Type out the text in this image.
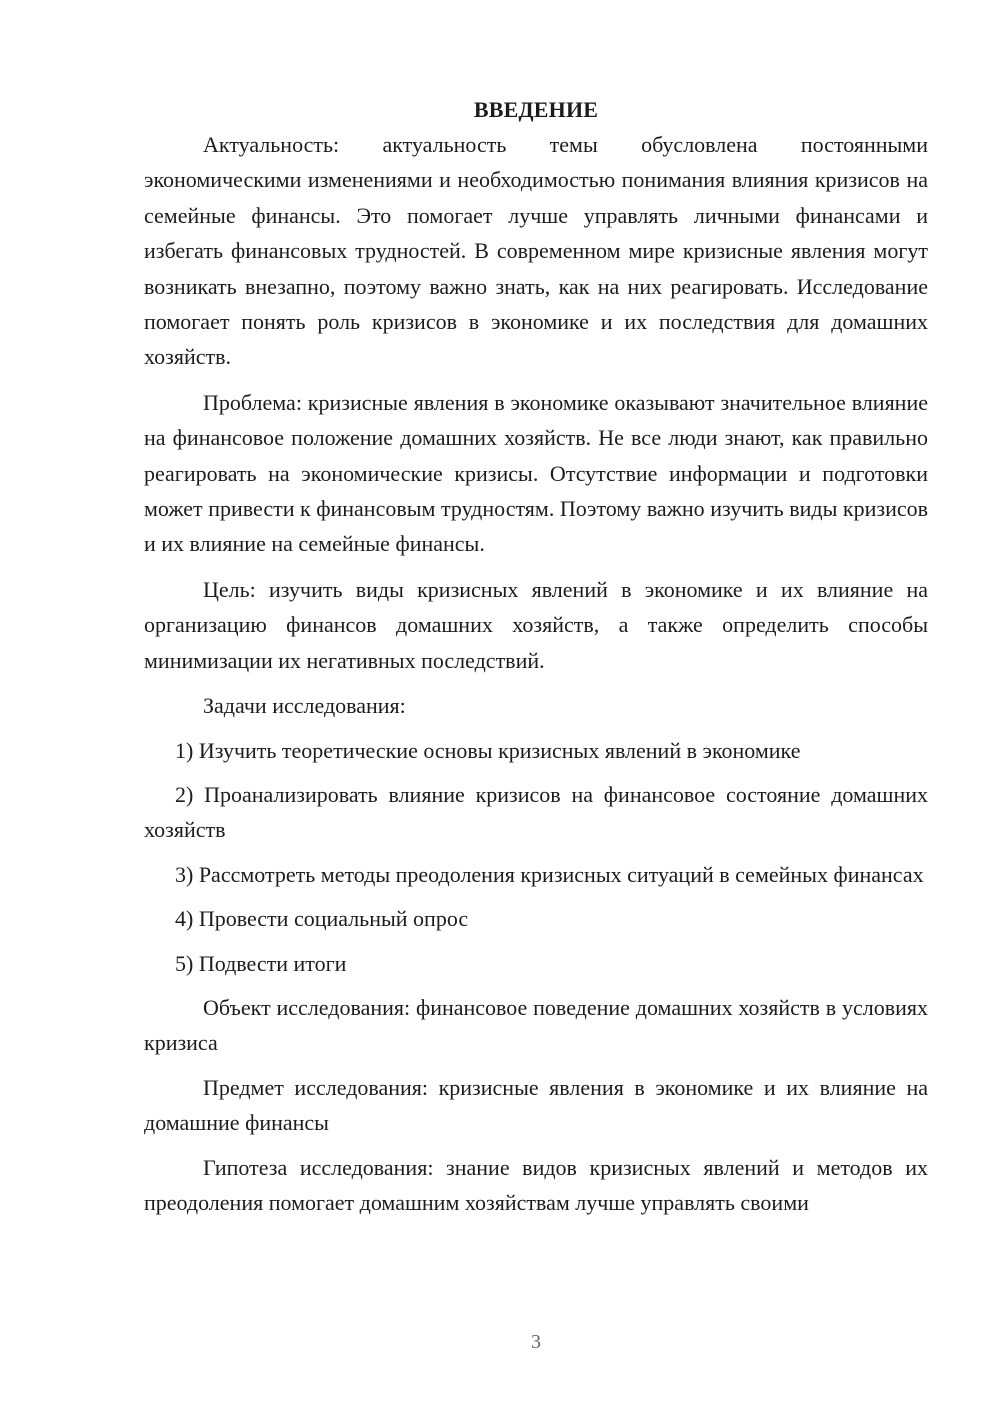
ВВЕДЕНИЕ

Актуальность: актуальность темы обусловлена постоянными экономическими изменениями и необходимостью понимания влияния кризисов на семейные финансы. Это помогает лучше управлять личными финансами и избегать финансовых трудностей. В современном мире кризисные явления могут возникать внезапно, поэтому важно знать, как на них реагировать. Исследование помогает понять роль кризисов в экономике и их последствия для домашних хозяйств.

Проблема: кризисные явления в экономике оказывают значительное влияние на финансовое положение домашних хозяйств. Не все люди знают, как правильно реагировать на экономические кризисы. Отсутствие информации и подготовки может привести к финансовым трудностям. Поэтому важно изучить виды кризисов и их влияние на семейные финансы.

Цель: изучить виды кризисных явлений в экономике и их влияние на организацию финансов домашних хозяйств, а также определить способы минимизации их негативных последствий.

Задачи исследования:

1) Изучить теоретические основы кризисных явлений в экономике

2) Проанализировать влияние кризисов на финансовое состояние домашних хозяйств

3) Рассмотреть методы преодоления кризисных ситуаций в семейных финансах

4) Провести социальный опрос

5) Подвести итоги

Объект исследования: финансовое поведение домашних хозяйств в условиях кризиса

Предмет исследования: кризисные явления в экономике и их влияние на домашние финансы

Гипотеза исследования: знание видов кризисных явлений и методов их преодоления помогает домашним хозяйствам лучше управлять своими

3
